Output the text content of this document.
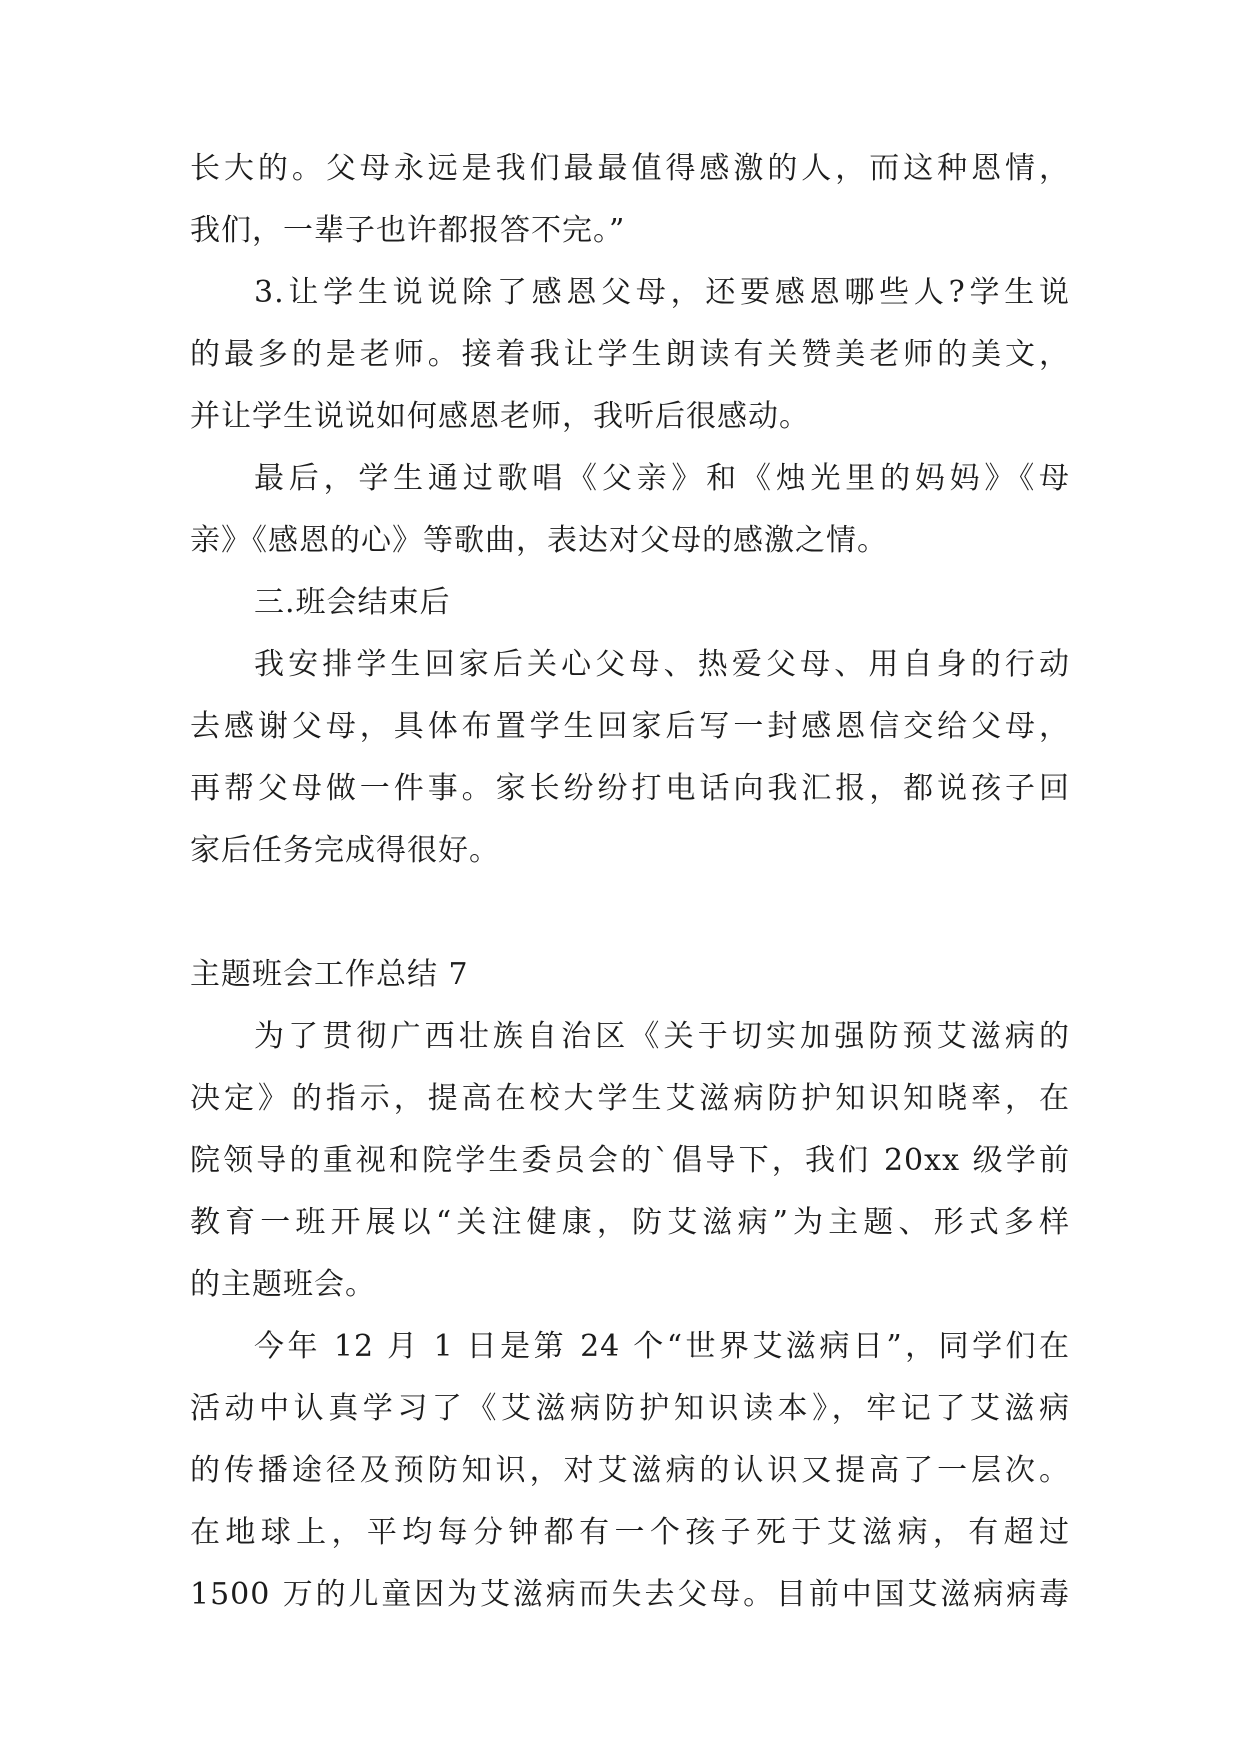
长大的。父母永远是我们最最值得感激的人，而这种恩情，
我们，一辈子也许都报答不完。”
3.让学生说说除了感恩父母，还要感恩哪些人?学生说
的最多的是老师。接着我让学生朗读有关赞美老师的美文，
并让学生说说如何感恩老师，我听后很感动。
最后，学生通过歌唱《父亲》和《烛光里的妈妈》《母
亲》《感恩的心》等歌曲，表达对父母的感激之情。
三.班会结束后
我安排学生回家后关心父母、热爱父母、用自身的行动
去感谢父母，具体布置学生回家后写一封感恩信交给父母，
再帮父母做一件事。家长纷纷打电话向我汇报，都说孩子回
家后任务完成得很好。
主题班会工作总结 7
为了贯彻广西壮族自治区《关于切实加强防预艾滋病的
决定》的指示，提高在校大学生艾滋病防护知识知晓率，在
院领导的重视和院学生委员会的`倡导下，我们 20xx 级学前
教育一班开展以“关注健康，防艾滋病”为主题、形式多样
的主题班会。
今年 12 月 1 日是第 24 个“世界艾滋病日”，同学们在
活动中认真学习了《艾滋病防护知识读本》，牢记了艾滋病
的传播途径及预防知识，对艾滋病的认识又提高了一层次。
在地球上，平均每分钟都有一个孩子死于艾滋病，有超过
1500 万的儿童因为艾滋病而失去父母。目前中国艾滋病病毒
